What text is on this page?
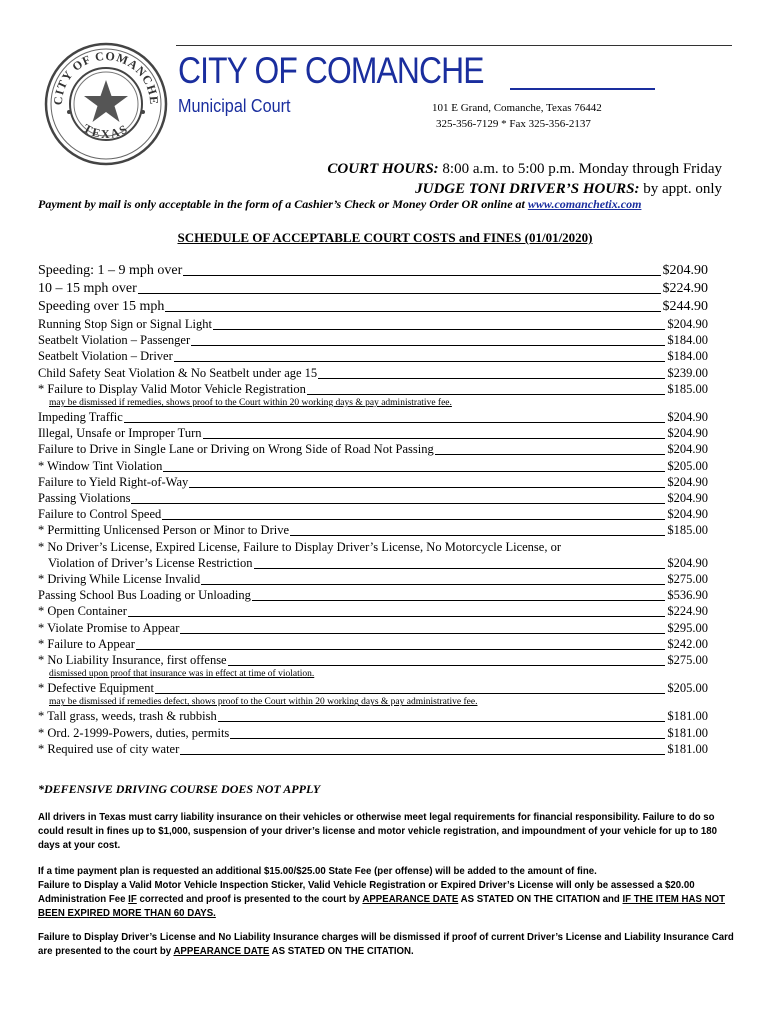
CITY OF COMANCHE
TEXAS
CITY OF COMANCHE
Municipal Court	101 E Grand, Comanche, Texas 76442
325-356-7129 * Fax 325-356-2137
COURT HOURS: 8:00 a.m. to 5:00 p.m. Monday through Friday
JUDGE TONI DRIVER’S HOURS: by appt. only
Payment by mail is only acceptable in the form of a Cashier’s Check or Money Order OR online at www.comanchetix.com
SCHEDULE OF ACCEPTABLE COURT COSTS and FINES (01/01/2020)
Speeding: 1 – 9 mph over	$204.90
10 – 15 mph over	$224.90
Speeding over 15 mph	$244.90
Running Stop Sign or Signal Light	$204.90
Seatbelt Violation – Passenger	$184.00
Seatbelt Violation – Driver	$184.00
Child Safety Seat Violation & No Seatbelt under age 15	$239.00
* Failure to Display Valid Motor Vehicle Registration	$185.00
may be dismissed if remedies, shows proof to the Court within 20 working days & pay administrative fee.
Impeding Traffic	$204.90
Illegal, Unsafe or Improper Turn	$204.90
Failure to Drive in Single Lane or Driving on Wrong Side of Road Not Passing	$204.90
* Window Tint Violation	$205.00
Failure to Yield Right-of-Way	$204.90
Passing Violations	$204.90
Failure to Control Speed	$204.90
* Permitting Unlicensed Person or Minor to Drive	$185.00
* No Driver’s License, Expired License, Failure to Display Driver’s License, No Motorcycle License, or
Violation of Driver’s License Restriction	$204.90
* Driving While License Invalid	$275.00
Passing School Bus Loading or Unloading	$536.90
* Open Container	$224.90
* Violate Promise to Appear	$295.00
* Failure to Appear	$242.00
* No Liability Insurance, first offense	$275.00
dismissed upon proof that insurance was in effect at time of violation.
* Defective Equipment	$205.00
may be dismissed if remedies defect, shows proof to the Court within 20 working days & pay administrative fee.
* Tall grass, weeds, trash & rubbish	$181.00
* Ord. 2-1999-Powers, duties, permits	$181.00
* Required use of city water	$181.00
*DEFENSIVE DRIVING COURSE DOES NOT APPLY
All drivers in Texas must carry liability insurance on their vehicles or otherwise meet legal requirements for financial responsibility. Failure to do so could result in fines up to $1,000, suspension of your driver’s license and motor vehicle registration, and impoundment of your vehicle for up to 180 days at your cost.
If a time payment plan is requested an additional $15.00/$25.00 State Fee (per offense) will be added to the amount of fine.
Failure to Display a Valid Motor Vehicle Inspection Sticker, Valid Vehicle Registration or Expired Driver’s License will only be assessed a $20.00 Administration Fee IF corrected and proof is presented to the court by APPEARANCE DATE AS STATED ON THE CITATION and IF THE ITEM HAS NOT BEEN EXPIRED MORE THAN 60 DAYS.
Failure to Display Driver’s License and No Liability Insurance charges will be dismissed if proof of current Driver’s License and Liability Insurance Card are presented to the court by APPEARANCE DATE AS STATED ON THE CITATION.
